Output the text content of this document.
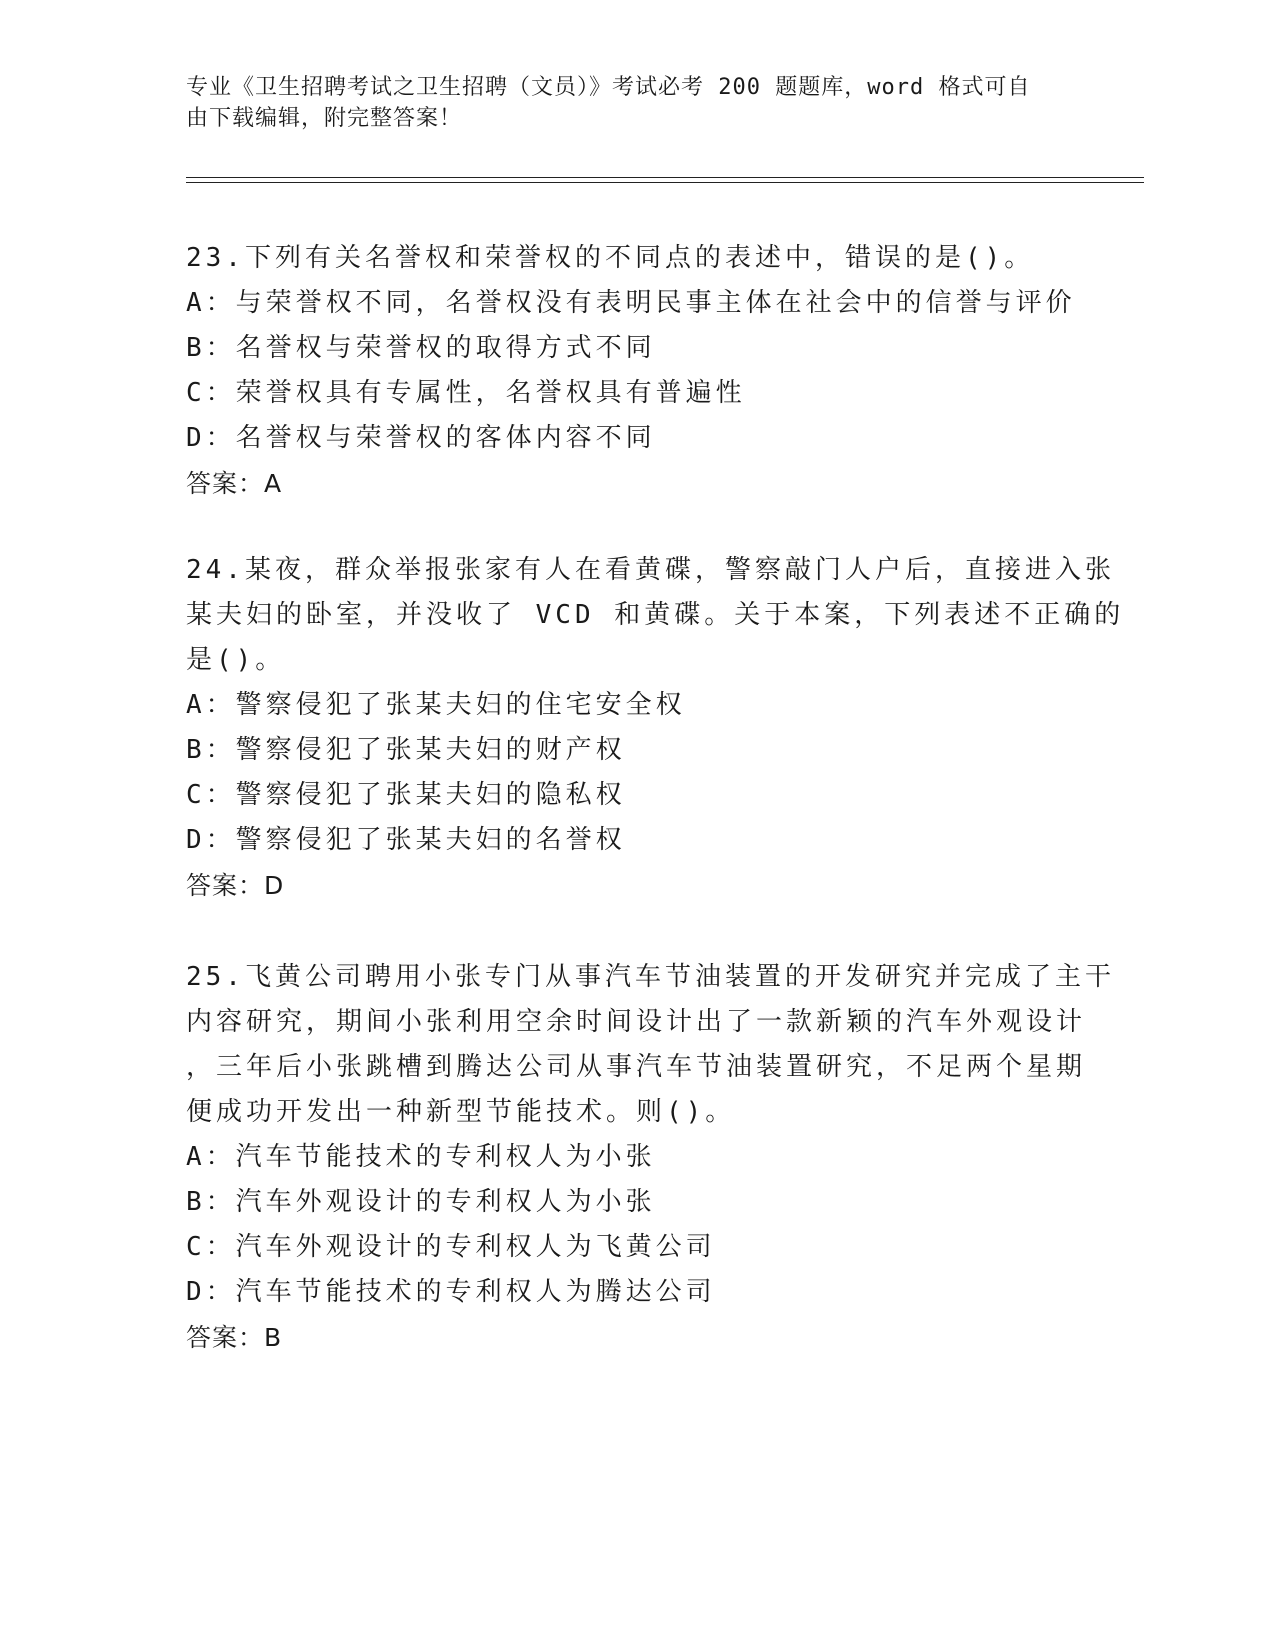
专业《卫生招聘考试之卫生招聘（文员）》考试必考 200 题题库，word 格式可自
由下载编辑，附完整答案！
23.下列有关名誉权和荣誉权的不同点的表述中，错误的是()。
A：与荣誉权不同，名誉权没有表明民事主体在社会中的信誉与评价
B：名誉权与荣誉权的取得方式不同
C：荣誉权具有专属性，名誉权具有普遍性
D：名誉权与荣誉权的客体内容不同
答案：A
24.某夜，群众举报张家有人在看黄碟，警察敲门人户后，直接进入张
某夫妇的卧室，并没收了 VCD 和黄碟。关于本案，下列表述不正确的
是()。
A：警察侵犯了张某夫妇的住宅安全权
B：警察侵犯了张某夫妇的财产权
C：警察侵犯了张某夫妇的隐私权
D：警察侵犯了张某夫妇的名誉权
答案：D
25.飞黄公司聘用小张专门从事汽车节油装置的开发研究并完成了主干
内容研究，期间小张利用空余时间设计出了一款新颖的汽车外观设计
，三年后小张跳槽到腾达公司从事汽车节油装置研究，不足两个星期
便成功开发出一种新型节能技术。则()。
A：汽车节能技术的专利权人为小张
B：汽车外观设计的专利权人为小张
C：汽车外观设计的专利权人为飞黄公司
D：汽车节能技术的专利权人为腾达公司
答案：B
